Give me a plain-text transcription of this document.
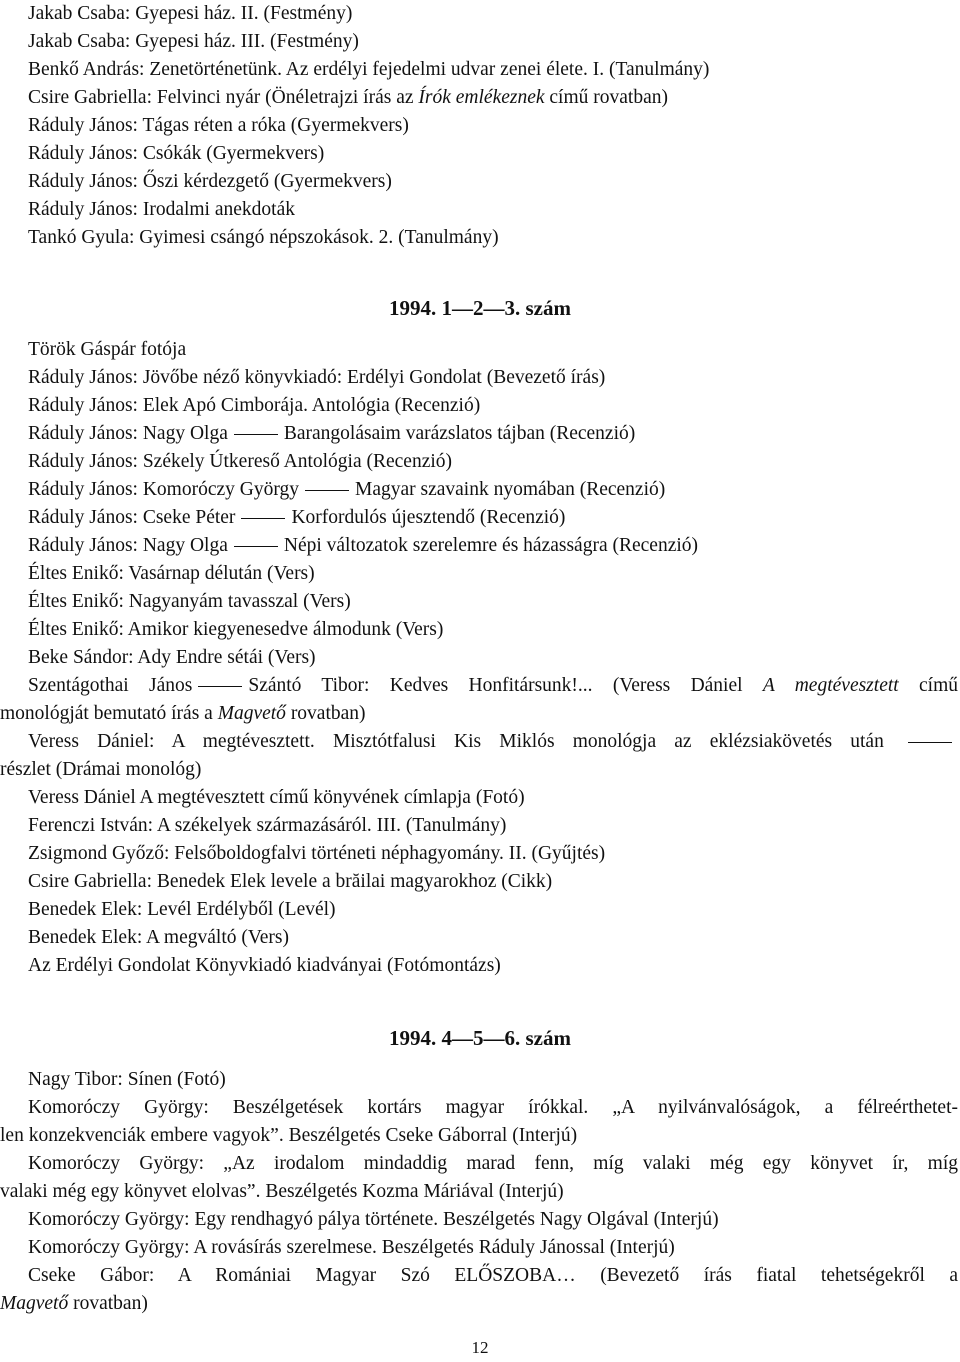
Jakab Csaba: Gyepesi ház. II. (Festmény)
Jakab Csaba: Gyepesi ház. III. (Festmény)
Benkő András: Zenetörténetünk. Az erdélyi fejedelmi udvar zenei élete. I. (Tanulmány)
Csire Gabriella: Felvinci nyár (Önéletrajzi írás az Írók emlékeznek című rovatban)
Ráduly János: Tágas réten a róka (Gyermekvers)
Ráduly János: Csókák (Gyermekvers)
Ráduly János: Őszi kérdezgető (Gyermekvers)
Ráduly János: Irodalmi anekdoták
Tankó Gyula: Gyimesi csángó népszokások. 2. (Tanulmány)
1994. 1—2—3. szám
Török Gáspár fotója
Ráduly János: Jövőbe néző könyvkiadó: Erdélyi Gondolat (Bevezető írás)
Ráduly János: Elek Apó Cimborája. Antológia (Recenzió)
Ráduly János: Nagy Olga	Barangolásaim varázslatos tájban (Recenzió)
Ráduly János: Székely Útkereső Antológia (Recenzió)
Ráduly János: Komoróczy György	Magyar szavaink nyomában (Recenzió)
Ráduly János: Cseke Péter	Korfordulós újesztendő (Recenzió)
Ráduly János: Nagy Olga	Népi változatok szerelemre és házasságra (Recenzió)
Éltes Enikő: Vasárnap délután (Vers)
Éltes Enikő: Nagyanyám tavasszal (Vers)
Éltes Enikő: Amikor kiegyenesedve álmodunk (Vers)
Beke Sándor: Ady Endre sétái (Vers)
Szentágothai János	Szántó Tibor: Kedves Honfitársunk!... (Veress Dániel A megtévesztett című
monológját bemutató írás a Magvető rovatban)
Veress Dániel: A megtévesztett. Misztótfalusi Kis Miklós monológja az eklézsiakövetés után
részlet (Drámai monológ)
Veress Dániel A megtévesztett című könyvének címlapja (Fotó)
Ferenczi István: A székelyek származásáról. III. (Tanulmány)
Zsigmond Győző: Felsőboldogfalvi történeti néphagyomány. II. (Gyűjtés)
Csire Gabriella: Benedek Elek levele a brăilai magyarokhoz (Cikk)
Benedek Elek: Levél Erdélyből (Levél)
Benedek Elek: A megváltó (Vers)
Az Erdélyi Gondolat Könyvkiadó kiadványai (Fotómontázs)
1994. 4—5—6. szám
Nagy Tibor: Sínen (Fotó)
Komoróczy György: Beszélgetések kortárs magyar írókkal. „A nyilvánvalóságok, a félreérthetet-
len konzekvenciák embere vagyok”. Beszélgetés Cseke Gáborral (Interjú)
Komoróczy György: „Az irodalom mindaddig marad fenn, míg valaki még egy könyvet ír, míg
valaki még egy könyvet elolvas”. Beszélgetés Kozma Máriával (Interjú)
Komoróczy György: Egy rendhagyó pálya története. Beszélgetés Nagy Olgával (Interjú)
Komoróczy György: A rovásírás szerelmese. Beszélgetés Ráduly Jánossal (Interjú)
Cseke Gábor: A Romániai Magyar Szó ELŐSZOBA… (Bevezető írás fiatal tehetségekről a
Magvető rovatban)
12
